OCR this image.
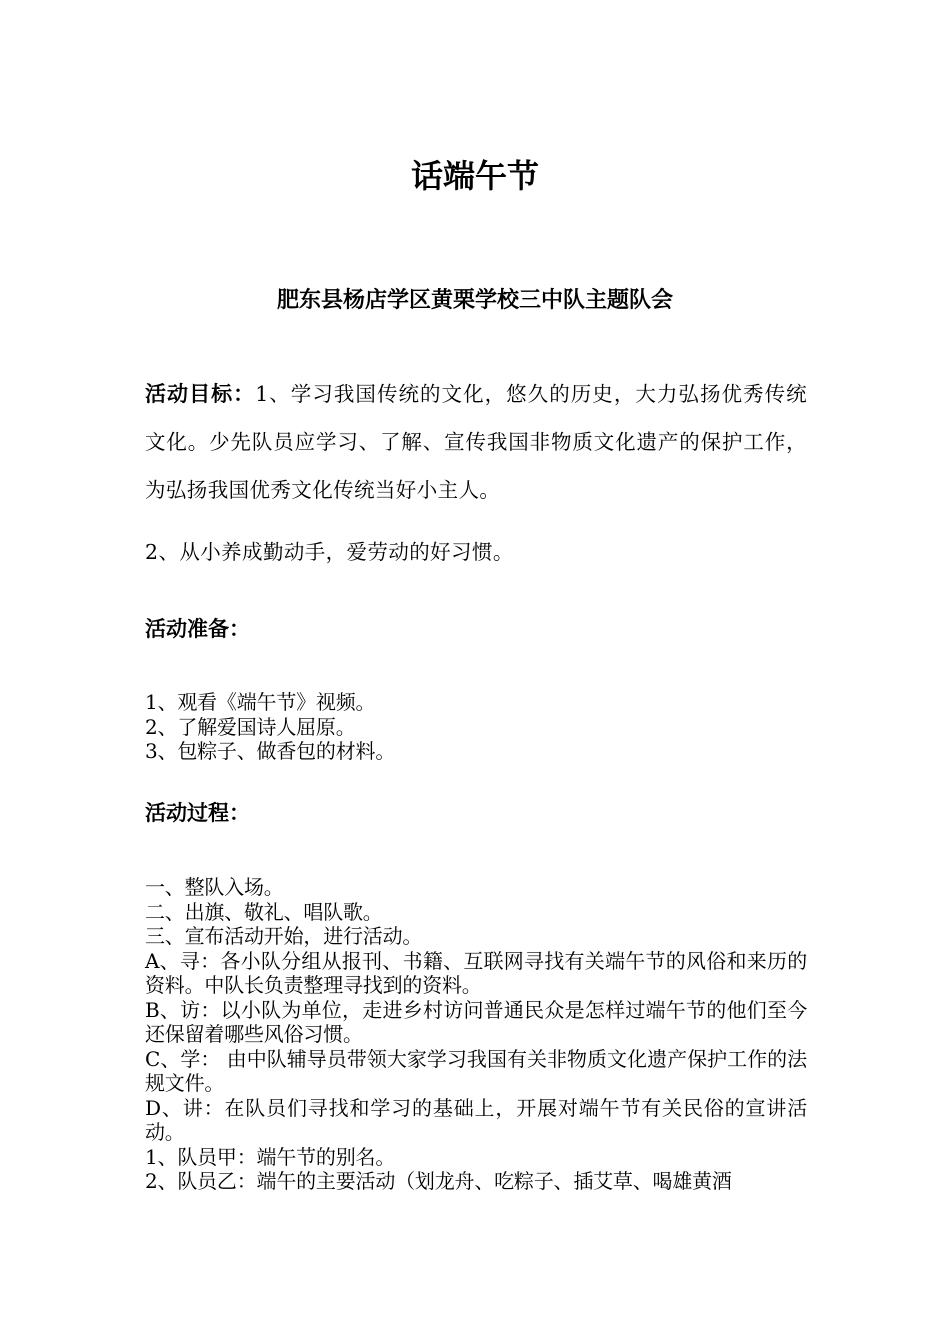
话端午节
肥东县杨店学区黄栗学校三中队主题队会
活动目标：1、学习我国传统的文化，悠久的历史，大力弘扬优秀传统文化。少先队员应学习、了解、宣传我国非物质文化遗产的保护工作，为弘扬我国优秀文化传统当好小主人。
2、从小养成勤动手，爱劳动的好习惯。
活动准备：
1、观看《端午节》视频。
2、了解爱国诗人屈原。
3、包粽子、做香包的材料。
活动过程：
一、整队入场。
二、出旗、敬礼、唱队歌。
三、宣布活动开始，进行活动。
A、寻：各小队分组从报刊、书籍、互联网寻找有关端午节的风俗和来历的资料。中队长负责整理寻找到的资料。
B、访：以小队为单位，走进乡村访问普通民众是怎样过端午节的他们至今还保留着哪些风俗习惯。
C、学： 由中队辅导员带领大家学习我国有关非物质文化遗产保护工作的法规文件。
D、讲：在队员们寻找和学习的基础上，开展对端午节有关民俗的宣讲活动。
1、队员甲：端午节的别名。
2、队员乙：端午的主要活动（划龙舟、吃粽子、插艾草、喝雄黄酒
